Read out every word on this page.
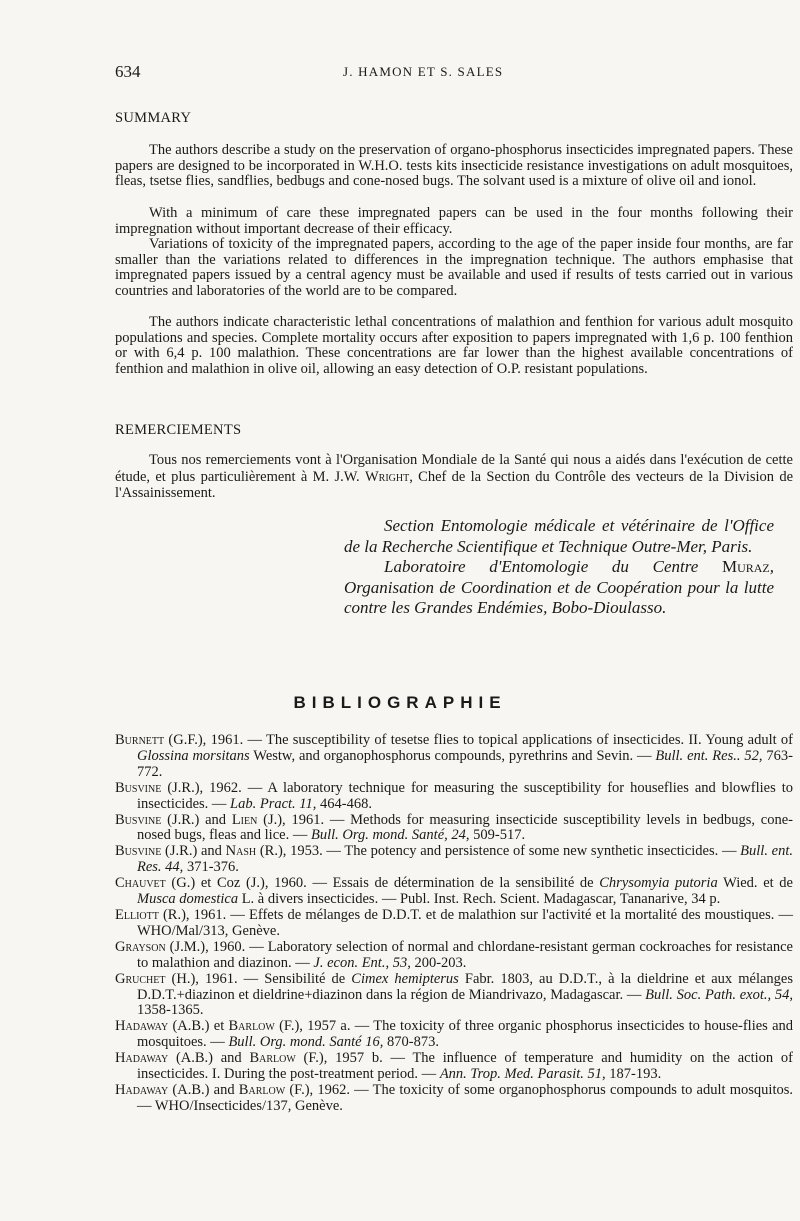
634	J. HAMON ET S. SALES
SUMMARY

The authors describe a study on the preservation of organo-phosphorus insecticides impregnated papers. These papers are designed to be incorporated in W.H.O. tests kits insecticide resistance investigations on adult mosquitoes, fleas, tsetse flies, sandflies, bedbugs and cone-nosed bugs. The solvant used is a mixture of olive oil and ionol.

With a minimum of care these impregnated papers can be used in the four months following their impregnation without important decrease of their efficacy.

Variations of toxicity of the impregnated papers, according to the age of the paper inside four months, are far smaller than the variations related to differences in the impregnation technique. The authors emphasise that impregnated papers issued by a central agency must be available and used if results of tests carried out in various countries and laboratories of the world are to be compared.

The authors indicate characteristic lethal concentrations of malathion and fenthion for various adult mosquito populations and species. Complete mortality occurs after exposition to papers impregnated with 1,6 p. 100 fenthion or with 6,4 p. 100 malathion. These concentrations are far lower than the highest available concentrations of fenthion and malathion in olive oil, allowing an easy detection of O.P. resistant populations.

REMERCIEMENTS

Tous nos remerciements vont à l'Organisation Mondiale de la Santé qui nous a aidés dans l'exécution de cette étude, et plus particulièrement à M. J.W. Wright, Chef de la Section du Contrôle des vecteurs de la Division de l'Assainissement.

Section Entomologie médicale et vétérinaire de l'Office de la Recherche Scientifique et Technique Outre-Mer, Paris.
Laboratoire d'Entomologie du Centre Muraz, Organisation de Coordination et de Coopération pour la lutte contre les Grandes Endémies, Bobo-Dioulasso.

BIBLIOGRAPHIE

Burnett (G.F.), 1961. — The susceptibility of tesetse flies to topical applications of insecticides. II. Young adult of Glossina morsitans Westw, and organophosphorus compounds, pyrethrins and Sevin. — Bull. ent. Res.. 52, 763-772.

Busvine (J.R.), 1962. — A laboratory technique for measuring the susceptibility for houseflies and blowflies to insecticides. — Lab. Pract. 11, 464-468.

Busvine (J.R.) and Lien (J.), 1961. — Methods for measuring insecticide susceptibility levels in bedbugs, cone-nosed bugs, fleas and lice. — Bull. Org. mond. Santé, 24, 509-517.

Busvine (J.R.) and Nash (R.), 1953. — The potency and persistence of some new synthetic insecticides. — Bull. ent. Res. 44, 371-376.

Chauvet (G.) et Coz (J.), 1960. — Essais de détermination de la sensibilité de Chrysomyia putoria Wied. et de Musca domestica L. à divers insecticides. — Publ. Inst. Rech. Scient. Madagascar, Tananarive, 34 p.

Elliott (R.), 1961. — Effets de mélanges de D.D.T. et de malathion sur l'activité et la mortalité des moustiques. — WHO/Mal/313, Genève.

Grayson (J.M.), 1960. — Laboratory selection of normal and chlordane-resistant german cockroaches for resistance to malathion and diazinon. — J. econ. Ent., 53, 200-203.

Gruchet (H.), 1961. — Sensibilité de Cimex hemipterus Fabr. 1803, au D.D.T., à la dieldrine et aux mélanges D.D.T.+diazinon et dieldrine+diazinon dans la région de Miandrivazo, Madagascar. — Bull. Soc. Path. exot., 54, 1358-1365.

Hadaway (A.B.) et Barlow (F.), 1957 a. — The toxicity of three organic phosphorus insecticides to house-flies and mosquitoes. — Bull. Org. mond. Santé 16, 870-873.

Hadaway (A.B.) and Barlow (F.), 1957 b. — The influence of temperature and humidity on the action of insecticides. I. During the post-treatment period. — Ann. Trop. Med. Parasit. 51, 187-193.

Hadaway (A.B.) and Barlow (F.), 1962. — The toxicity of some organophosphorus compounds to adult mosquitos. — WHO/Insecticides/137, Genève.
